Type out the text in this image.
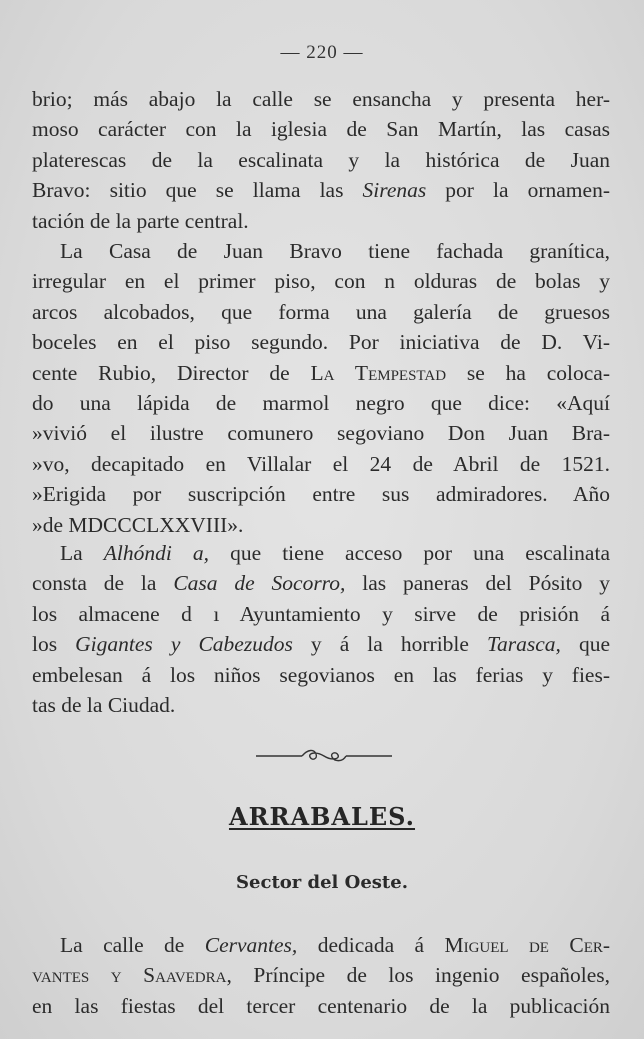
— 220 —
brio; más abajo la calle se ensancha y presenta her-
moso carácter con la iglesia de San Martín, las casas
platerescas de la escalinata y la histórica de Juan
Bravo: sitio que se llama las Sirenas por la ornamen-
tación de la parte central.
La Casa de Juan Bravo tiene fachada granítica,
irregular en el primer piso, con n olduras de bolas y
arcos alcobados, que forma una galería de gruesos
boceles en el piso segundo. Por iniciativa de D. Vi-
cente Rubio, Director de La Tempestad se ha coloca-
do una lápida de marmol negro que dice: «Aquí
»vivió el ilustre comunero segoviano Don Juan Bra-
»vo, decapitado en Villalar el 24 de Abril de 1521.
»Erigida por suscripción entre sus admiradores. Año
»de MDCCCLXXVIII».
La Alhóndi a, que tiene acceso por una escalinata
consta de la Casa de Socorro, las paneras del Pósito y
los almacene d ı Ayuntamiento y sirve de prisión á
los Gigantes y Cabezudos y á la horrible Tarasca, que
embelesan á los niños segovianos en las ferias y fies-
tas de la Ciudad.
ARRABALES.
Sector del Oeste.
La calle de Cervantes, dedicada á Miguel de Cer-
vantes y Saavedra, Príncipe de los ingenio españoles,
en las fiestas del tercer centenario de la publicación
